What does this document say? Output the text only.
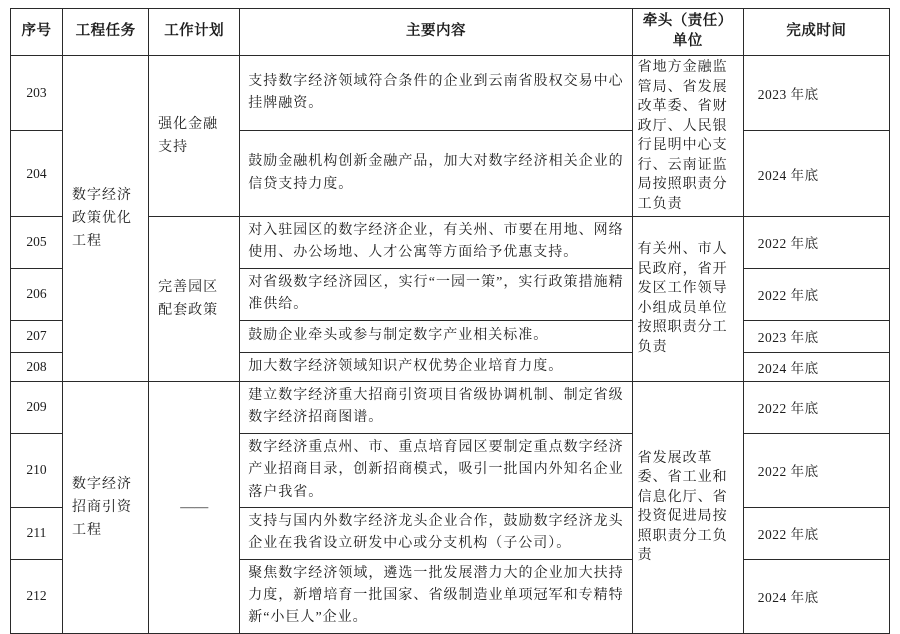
序号	工程任务	工作计划	主要内容	牵头（责任）单位	完成时间
203	数字经济政策优化工程	强化金融支持	支持数字经济领域符合条件的企业到云南省股权交易中心挂牌融资。	省地方金融监管局、省发展改革委、省财政厅、人民银行昆明中心支行、云南证监局按照职责分工负责	2023 年底
204			鼓励金融机构创新金融产品，加大对数字经济相关企业的信贷支持力度。		2024 年底
205		完善园区配套政策	对入驻园区的数字经济企业，有关州、市要在用地、网络使用、办公场地、人才公寓等方面给予优惠支持。	有关州、市人民政府，省开发区工作领导小组成员单位按照职责分工负责	2022 年底
206			对省级数字经济园区，实行“一园一策”，实行政策措施精准供给。		2022 年底
207			鼓励企业牵头或参与制定数字产业相关标准。		2023 年底
208			加大数字经济领域知识产权优势企业培育力度。		2024 年底
209	数字经济招商引资工程	——	建立数字经济重大招商引资项目省级协调机制、制定省级数字经济招商图谱。	省发展改革委、省工业和信息化厅、省投资促进局按照职责分工负责	2022 年底
210			数字经济重点州、市、重点培育园区要制定重点数字经济产业招商目录，创新招商模式，吸引一批国内外知名企业落户我省。		2022 年底
211			支持与国内外数字经济龙头企业合作，鼓励数字经济龙头企业在我省设立研发中心或分支机构（子公司）。		2022 年底
212			聚焦数字经济领域，遴选一批发展潜力大的企业加大扶持力度，新增培育一批国家、省级制造业单项冠军和专精特新“小巨人”企业。		2024 年底
